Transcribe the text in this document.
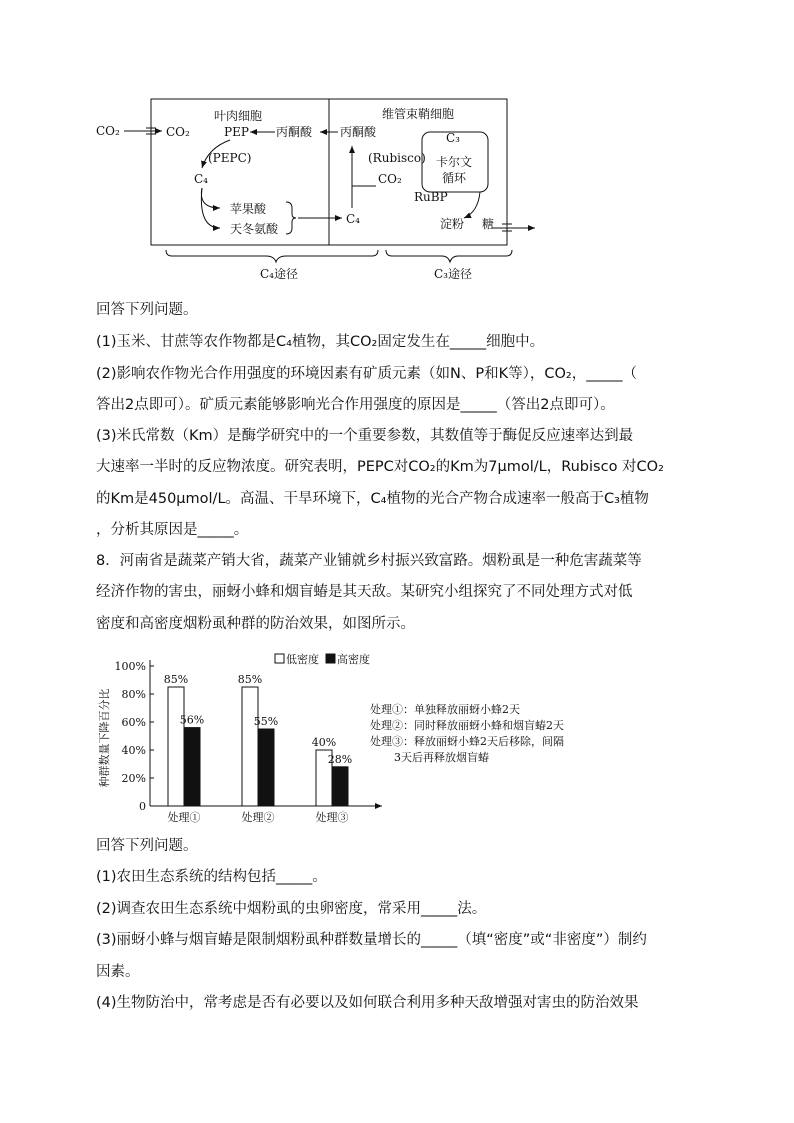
CO₂
叶肉细胞	维管束鞘细胞
CO₂	PEP 丙酮酸 丙酮酸
(PEPC)
C₄
苹果酸
天冬氨酸
C₄
(Rubisco)
CO₂
C₃
卡尔文
循环
RuBP
淀粉 糖
C₄途径	C₃途径
回答下列问题。
(1)玉米、甘蔗等农作物都是C₄植物，其CO₂固定发生在_____细胞中。
(2)影响农作物光合作用强度的环境因素有矿质元素（如N、P和K等），CO₂，_____（
答出2点即可）。矿质元素能够影响光合作用强度的原因是_____（答出2点即可）。
(3)米氏常数（Km）是酶学研究中的一个重要参数，其数值等于酶促反应速率达到最
大速率一半时的反应物浓度。研究表明，PEPC对CO₂的Km为7μmol/L，Rubisco 对CO₂
的Km是450μmol/L。高温、干旱环境下，C₄植物的光合产物合成速率一般高于C₃植物
，分析其原因是_____。
8．河南省是蔬菜产销大省，蔬菜产业铺就乡村振兴致富路。烟粉虱是一种危害蔬菜等
经济作物的害虫，丽蚜小蜂和烟盲蝽是其天敌。某研究小组探究了不同处理方式对低
密度和高密度烟粉虱种群的防治效果，如图所示。
种群数量下降百分比
低密度 高密度
0
20%
40%
60%
80%
100%
85%
56%
处理①
85%
55%
处理②
40%
28%
处理③
处理①：单独释放丽蚜小蜂2天
处理②：同时释放丽蚜小蜂和烟盲蝽2天
处理③：释放丽蚜小蜂2天后移除，间隔
3天后再释放烟盲蝽
回答下列问题。
(1)农田生态系统的结构包括_____。
(2)调查农田生态系统中烟粉虱的虫卵密度，常采用_____法。
(3)丽蚜小蜂与烟盲蝽是限制烟粉虱种群数量增长的_____（填“密度”或“非密度”）制约
因素。
(4)生物防治中，常考虑是否有必要以及如何联合利用多种天敌增强对害虫的防治效果
